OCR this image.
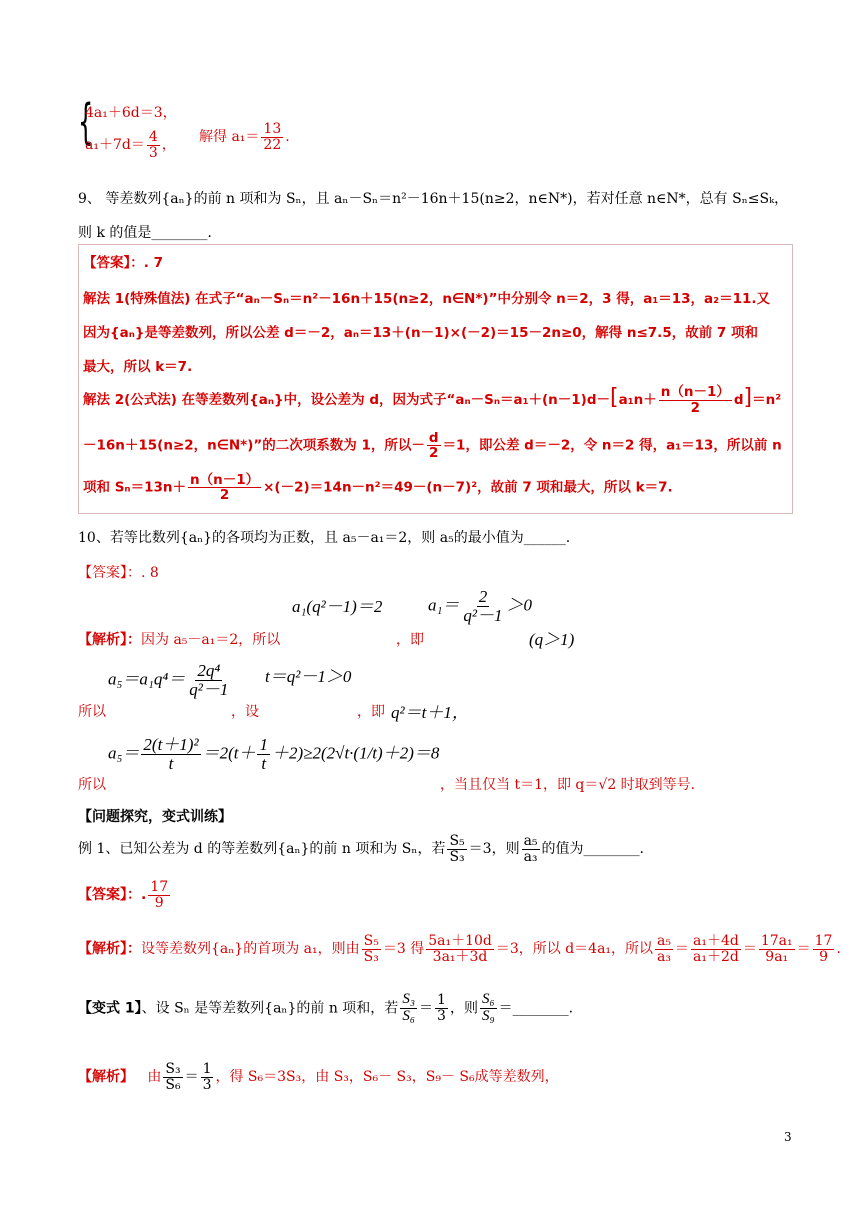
{
4a₁＋6d＝3，
$a_1+7d= \frac{4}{3}$ ， 解得 $a_1= \frac{13}{22}$ .
9、 等差数列{aₙ}的前 n 项和为 Sₙ，且 aₙ－Sₙ＝n²－16n＋15(n≥2，n∈N*)，若对任意 n∈N*，总有 Sₙ≤Sₖ，
则 k 的值是________.
【答案】：. 7
解法 1(特殊值法) 在式子“aₙ－Sₙ＝n²－16n＋15(n≥2，n∈N*)”中分别令 n＝2，3 得，a₁＝13，a₂＝11.又
因为{aₙ}是等差数列，所以公差 d＝－2，aₙ＝13＋(n－1)×(－2)＝15－2n≥0，解得 n≤7.5，故前 7 项和
最大，所以 k＝7.
解法 2(公式法) 在等差数列{aₙ}中，设公差为 d，因为式子“$a_n-S_n=a_1+(n-1)d-[a_1n+ \frac{n(n-1)}{2} d]=n^2$
－16n＋15(n≥2，n∈N*)”的二次项系数为 1，所以－ $\frac{d}{2} =1$，即公差 d＝－2，令 n＝2 得，a₁＝13，所以前 n
项和 $S_n=13n+ \frac{n(n-1)}{2} \times(-2)=14n-n^2=49-(n-7)^2$，故前 7 项和最大，所以 k＝7.
10、若等比数列{aₙ}的各项均为正数，且 a₅－a₁＝2，则 a₅的最小值为______.
【答案】：. 8
a₁(q²－1)＝2	$a_1= \frac{2}{\text{q²－1}} >0$
(q＞1)
【解析】：因为 a₅－a₁＝2，所以	，即
$a_5=a_1q^4= \frac{\text{2q⁴}}{\text{q²－1}} t=q^2-1>0$
所以	，设	，即 q²＝t＋1，
$a_5= \frac{\text{2(t＋1)²}}{t} =2(t+ \frac{1}{t} +2)\ge 2(2√t\cdot(1/t)+2)=8$
所以	，当且仅当 t＝1，即 q＝√2 时取到等号.
【问题探究，变式训练】
例 1、已知公差为 d 的等差数列{aₙ}的前 n 项和为 Sₙ，若 $\frac{\text{S₅}}{\text{S₃}} =3$，则 $\frac{\text{a₅}}{\text{a₃}}$ 的值为________.
【答案】：. $\frac{17}{9}$
【解析】：设等差数列{aₙ}的首项为 a₁，则由 $\frac{\text{S₅}}{\text{S₃}} =3$ 得 $\frac{\text{5a₁＋10d}}{\text{3a₁＋3d}} =3$，所以 d＝4a₁，所以 $\frac{\text{a₅}}{\text{a₃}} = \frac{\text{a₁＋4d}}{\text{a₁＋2d}} = \frac{\text{17a₁}}{\text{9a₁}} = \frac{17}{9}$ .
【变式 1】、设 Sₙ 是等差数列{aₙ}的前 n 项和，若 $\frac{\text{S₃}}{\text{S₆}} = \frac{1}{3}$ ，则 $\frac{\text{S₆}}{\text{S₉}}$ ＝________.
【解析】 由 $\frac{\text{S₃}}{\text{S₆}} = \frac{1}{3}$ ，得 S₆＝3S₃，由 S₃，S₆－ S₃，S₉－ S₆成等差数列，
3
